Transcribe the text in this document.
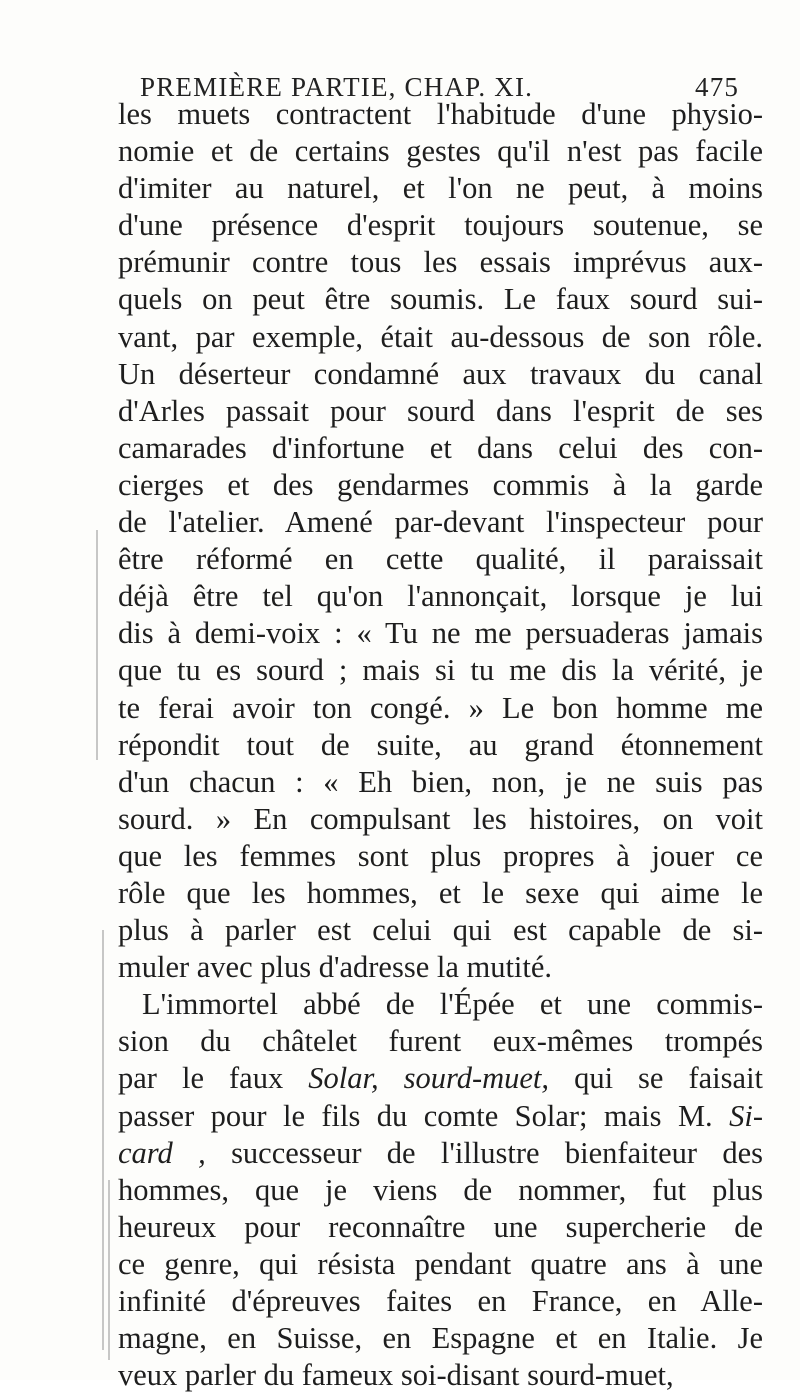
PREMIÈRE PARTIE, CHAP. XI.	475
les muets contractent l'habitude d'une physio-
nomie et de certains gestes qu'il n'est pas facile
d'imiter au naturel, et l'on ne peut, à moins
d'une présence d'esprit toujours soutenue, se
prémunir contre tous les essais imprévus aux-
quels on peut être soumis. Le faux sourd sui-
vant, par exemple, était au-dessous de son rôle.
Un déserteur condamné aux travaux du canal
d'Arles passait pour sourd dans l'esprit de ses
camarades d'infortune et dans celui des con-
cierges et des gendarmes commis à la garde
de l'atelier. Amené par-devant l'inspecteur pour
être réformé en cette qualité, il paraissait
déjà être tel qu'on l'annonçait, lorsque je lui
dis à demi-voix : « Tu ne me persuaderas jamais
que tu es sourd ; mais si tu me dis la vérité, je
te ferai avoir ton congé. » Le bon homme me
répondit tout de suite, au grand étonnement
d'un chacun : « Eh bien, non, je ne suis pas
sourd. » En compulsant les histoires, on voit
que les femmes sont plus propres à jouer ce
rôle que les hommes, et le sexe qui aime le
plus à parler est celui qui est capable de si-
muler avec plus d'adresse la mutité.
L'immortel abbé de l'Épée et une commis-
sion du châtelet furent eux-mêmes trompés
par le faux Solar, sourd-muet, qui se faisait
passer pour le fils du comte Solar; mais M. Si-
card , successeur de l'illustre bienfaiteur des
hommes, que je viens de nommer, fut plus
heureux pour reconnaître une supercherie de
ce genre, qui résista pendant quatre ans à une
infinité d'épreuves faites en France, en Alle-
magne, en Suisse, en Espagne et en Italie. Je
veux parler du fameux soi-disant sourd-muet,
